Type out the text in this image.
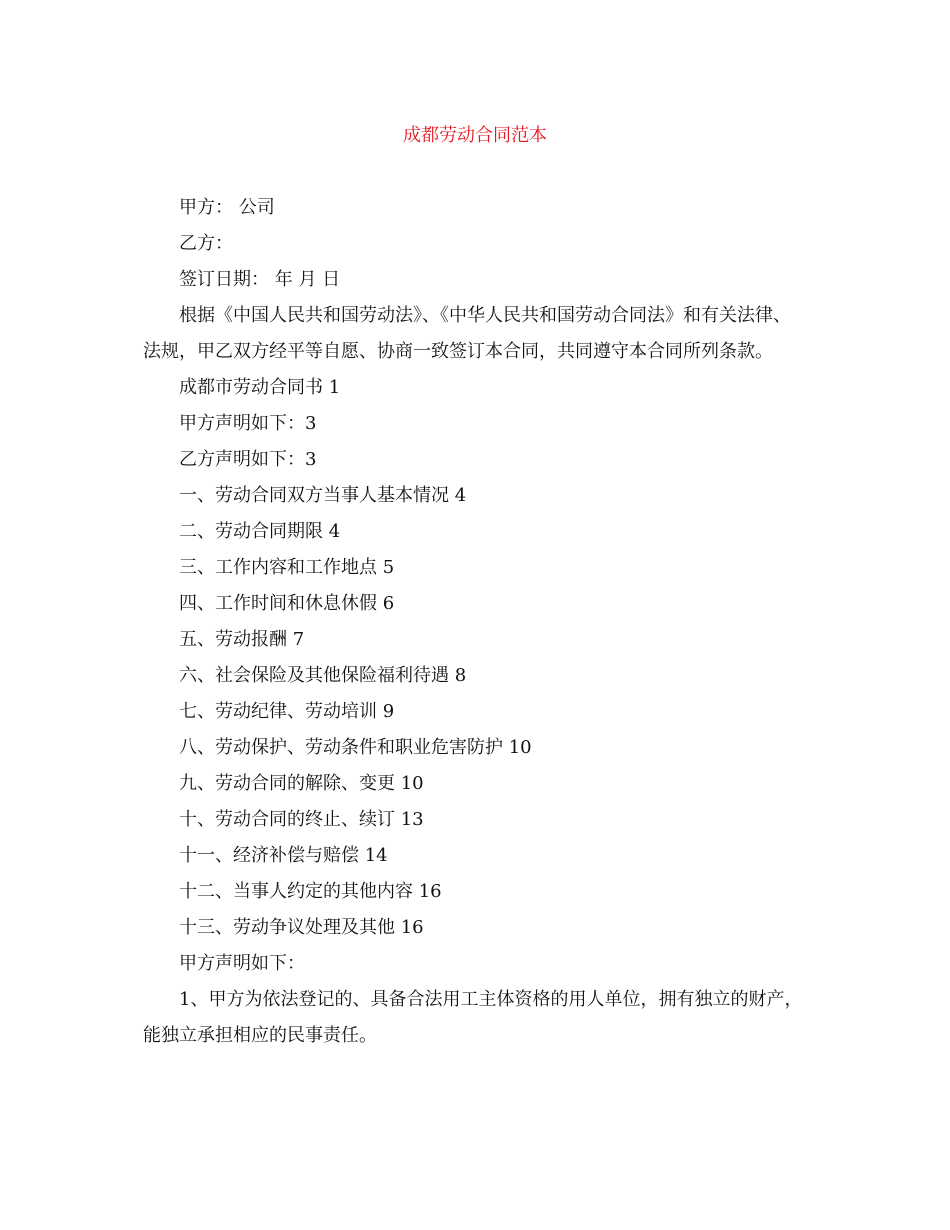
成都劳动合同范本

甲方： 公司

乙方：

签订日期： 年 月 日

根据《中国人民共和国劳动法》、《中华人民共和国劳动合同法》和有关法律、法规，甲乙双方经平等自愿、协商一致签订本合同，共同遵守本合同所列条款。

成都市劳动合同书 1

甲方声明如下：3

乙方声明如下：3

一、劳动合同双方当事人基本情况 4

二、劳动合同期限 4

三、工作内容和工作地点 5

四、工作时间和休息休假 6

五、劳动报酬 7

六、社会保险及其他保险福利待遇 8

七、劳动纪律、劳动培训 9

八、劳动保护、劳动条件和职业危害防护 10

九、劳动合同的解除、变更 10

十、劳动合同的终止、续订 13

十一、经济补偿与赔偿 14

十二、当事人约定的其他内容 16

十三、劳动争议处理及其他 16

甲方声明如下：

1、甲方为依法登记的、具备合法用工主体资格的用人单位，拥有独立的财产，能独立承担相应的民事责任。
